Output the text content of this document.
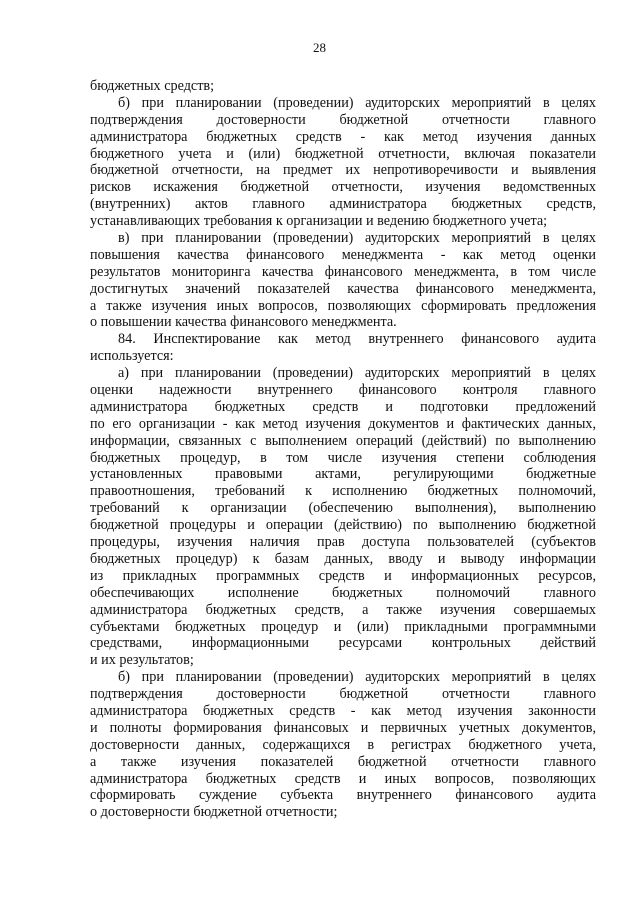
28
бюджетных средств;
б) при планировании (проведении) аудиторских мероприятий в целях
подтверждения достоверности бюджетной отчетности главного
администратора бюджетных средств - как метод изучения данных
бюджетного учета и (или) бюджетной отчетности, включая показатели
бюджетной отчетности, на предмет их непротиворечивости и выявления
рисков искажения бюджетной отчетности, изучения ведомственных
(внутренних) актов главного администратора бюджетных средств,
устанавливающих требования к организации и ведению бюджетного учета;
в) при планировании (проведении) аудиторских мероприятий в целях
повышения качества финансового менеджмента - как метод оценки
результатов мониторинга качества финансового менеджмента, в том числе
достигнутых значений показателей качества финансового менеджмента,
а также изучения иных вопросов, позволяющих сформировать предложения
о повышении качества финансового менеджмента.
84. Инспектирование как метод внутреннего финансового аудита
используется:
а) при планировании (проведении) аудиторских мероприятий в целях
оценки надежности внутреннего финансового контроля главного
администратора бюджетных средств и подготовки предложений
по его организации - как метод изучения документов и фактических данных,
информации, связанных с выполнением операций (действий) по выполнению
бюджетных процедур, в том числе изучения степени соблюдения
установленных правовыми актами, регулирующими бюджетные
правоотношения, требований к исполнению бюджетных полномочий,
требований к организации (обеспечению выполнения), выполнению
бюджетной процедуры и операции (действию) по выполнению бюджетной
процедуры, изучения наличия прав доступа пользователей (субъектов
бюджетных процедур) к базам данных, вводу и выводу информации
из прикладных программных средств и информационных ресурсов,
обеспечивающих исполнение бюджетных полномочий главного
администратора бюджетных средств, а также изучения совершаемых
субъектами бюджетных процедур и (или) прикладными программными
средствами, информационными ресурсами контрольных действий
и их результатов;
б) при планировании (проведении) аудиторских мероприятий в целях
подтверждения достоверности бюджетной отчетности главного
администратора бюджетных средств - как метод изучения законности
и полноты формирования финансовых и первичных учетных документов,
достоверности данных, содержащихся в регистрах бюджетного учета,
а также изучения показателей бюджетной отчетности главного
администратора бюджетных средств и иных вопросов, позволяющих
сформировать суждение субъекта внутреннего финансового аудита
о достоверности бюджетной отчетности;
